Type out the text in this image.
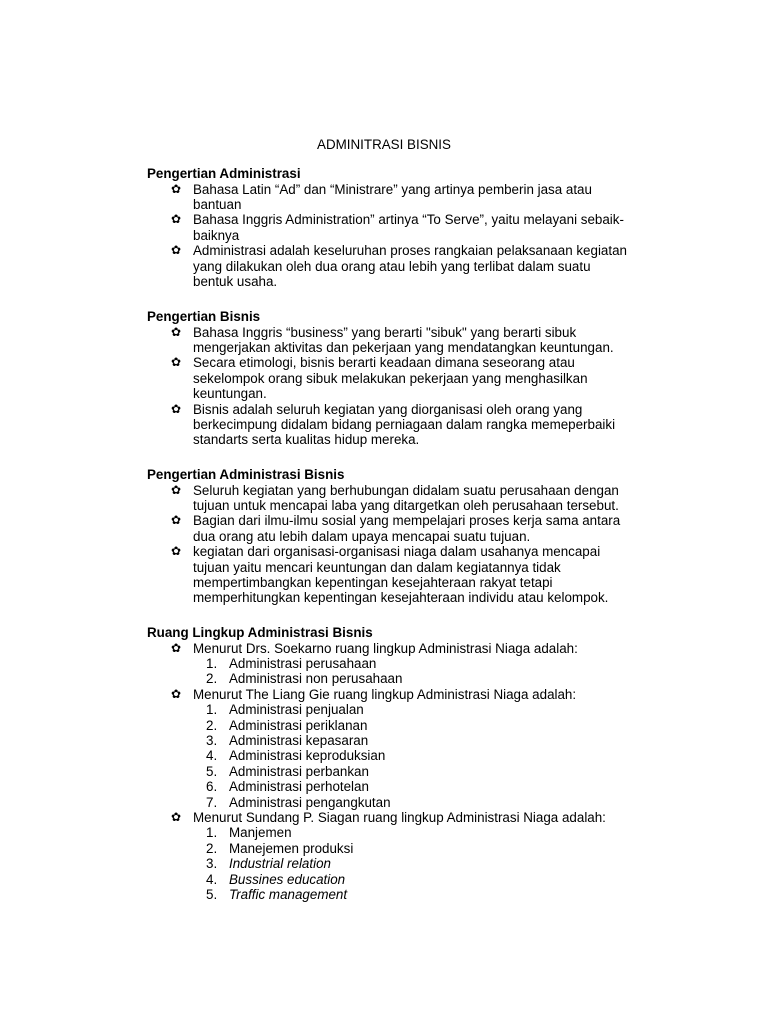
ADMINITRASI BISNIS
Pengertian Administrasi
✿ Bahasa Latin “Ad” dan “Ministrare” yang artinya pemberin jasa atau
bantuan
✿ Bahasa Inggris Administration” artinya “To Serve”, yaitu melayani sebaik-
baiknya
✿ Administrasi adalah keseluruhan proses rangkaian pelaksanaan kegiatan
yang dilakukan oleh dua orang atau lebih yang terlibat dalam suatu
bentuk usaha.
Pengertian Bisnis
✿ Bahasa Inggris “business” yang berarti "sibuk" yang berarti sibuk
mengerjakan aktivitas dan pekerjaan yang mendatangkan keuntungan.
✿ Secara etimologi, bisnis berarti keadaan dimana seseorang atau
sekelompok orang sibuk melakukan pekerjaan yang menghasilkan
keuntungan.
✿ Bisnis adalah seluruh kegiatan yang diorganisasi oleh orang yang
berkecimpung didalam bidang perniagaan dalam rangka memeperbaiki
standarts serta kualitas hidup mereka.
Pengertian Administrasi Bisnis
✿ Seluruh kegiatan yang berhubungan didalam suatu perusahaan dengan
tujuan untuk mencapai laba yang ditargetkan oleh perusahaan tersebut.
✿ Bagian dari ilmu-ilmu sosial yang mempelajari proses kerja sama antara
dua orang atu lebih dalam upaya mencapai suatu tujuan.
✿ kegiatan dari organisasi-organisasi niaga dalam usahanya mencapai
tujuan yaitu mencari keuntungan dan dalam kegiatannya tidak
mempertimbangkan kepentingan kesejahteraan rakyat tetapi
memperhitungkan kepentingan kesejahteraan individu atau kelompok.
Ruang Lingkup Administrasi Bisnis
✿ Menurut Drs. Soekarno ruang lingkup Administrasi Niaga adalah:
1. Administrasi perusahaan
2. Administrasi non perusahaan
✿ Menurut The Liang Gie ruang lingkup Administrasi Niaga adalah:
1. Administrasi penjualan
2. Administrasi periklanan
3. Administrasi kepasaran
4. Administrasi keproduksian
5. Administrasi perbankan
6. Administrasi perhotelan
7. Administrasi pengangkutan
✿ Menurut Sundang P. Siagan ruang lingkup Administrasi Niaga adalah:
1. Manjemen
2. Manejemen produksi
3. Industrial relation
4. Bussines education
5. Traffic management
